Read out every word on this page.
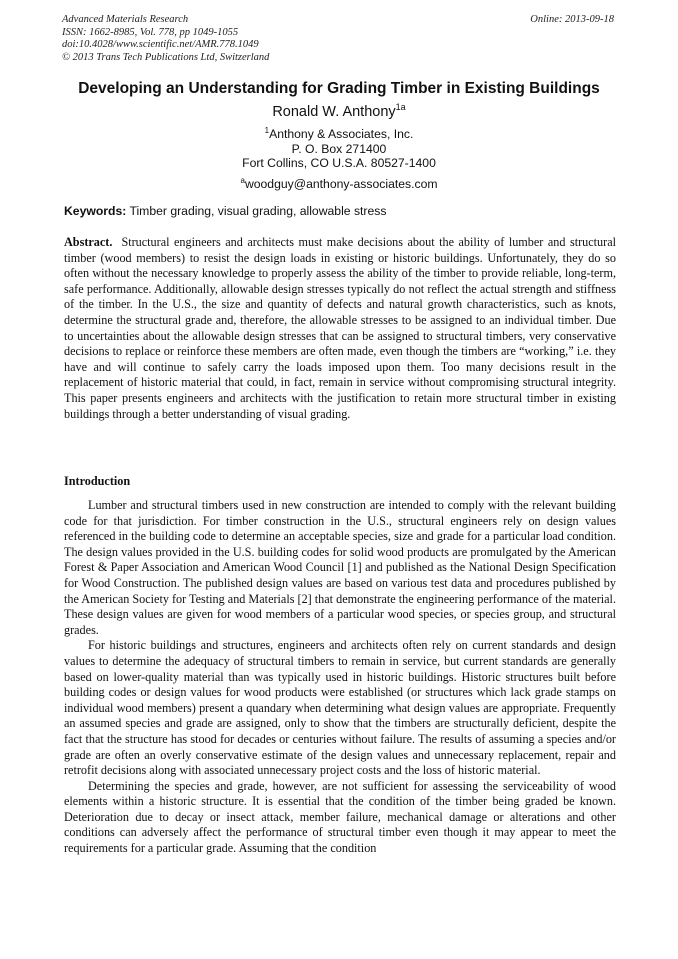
Advanced Materials Research
ISSN: 1662-8985, Vol. 778, pp 1049-1055
doi:10.4028/www.scientific.net/AMR.778.1049
© 2013 Trans Tech Publications Ltd, Switzerland
Online: 2013-09-18
Developing an Understanding for Grading Timber in Existing Buildings
Ronald W. Anthony$^{1a}$
$^1$Anthony & Associates, Inc.
P. O. Box 271400
Fort Collins, CO U.S.A. 80527-1400
$^a$woodguy@anthony-associates.com
Keywords: Timber grading, visual grading, allowable stress
Abstract. Structural engineers and architects must make decisions about the ability of lumber and structural timber (wood members) to resist the design loads in existing or historic buildings. Unfortunately, they do so often without the necessary knowledge to properly assess the ability of the timber to provide reliable, long-term, safe performance. Additionally, allowable design stresses typically do not reflect the actual strength and stiffness of the timber. In the U.S., the size and quantity of defects and natural growth characteristics, such as knots, determine the structural grade and, therefore, the allowable stresses to be assigned to an individual timber. Due to uncertainties about the allowable design stresses that can be assigned to structural timbers, very conservative decisions to replace or reinforce these members are often made, even though the timbers are “working,” i.e. they have and will continue to safely carry the loads imposed upon them. Too many decisions result in the replacement of historic material that could, in fact, remain in service without compromising structural integrity. This paper presents engineers and architects with the justification to retain more structural timber in existing buildings through a better understanding of visual grading.
Introduction

Lumber and structural timbers used in new construction are intended to comply with the relevant building code for that jurisdiction. For timber construction in the U.S., structural engineers rely on design values referenced in the building code to determine an acceptable species, size and grade for a particular load condition. The design values provided in the U.S. building codes for solid wood products are promulgated by the American Forest & Paper Association and American Wood Council [1] and published as the National Design Specification for Wood Construction. The published design values are based on various test data and procedures published by the American Society for Testing and Materials [2] that demonstrate the engineering performance of the material. These design values are given for wood members of a particular wood species, or species group, and structural grades.

For historic buildings and structures, engineers and architects often rely on current standards and design values to determine the adequacy of structural timbers to remain in service, but current standards are generally based on lower-quality material than was typically used in historic buildings. Historic structures built before building codes or design values for wood products were established (or structures which lack grade stamps on individual wood members) present a quandary when determining what design values are appropriate. Frequently an assumed species and grade are assigned, only to show that the timbers are structurally deficient, despite the fact that the structure has stood for decades or centuries without failure. The results of assuming a species and/or grade are often an overly conservative estimate of the design values and unnecessary replacement, repair and retrofit decisions along with associated unnecessary project costs and the loss of historic material.

Determining the species and grade, however, are not sufficient for assessing the serviceability of wood elements within a historic structure. It is essential that the condition of the timber being graded be known. Deterioration due to decay or insect attack, member failure, mechanical damage or alterations and other conditions can adversely affect the performance of structural timber even though it may appear to meet the requirements for a particular grade. Assuming that the condition
